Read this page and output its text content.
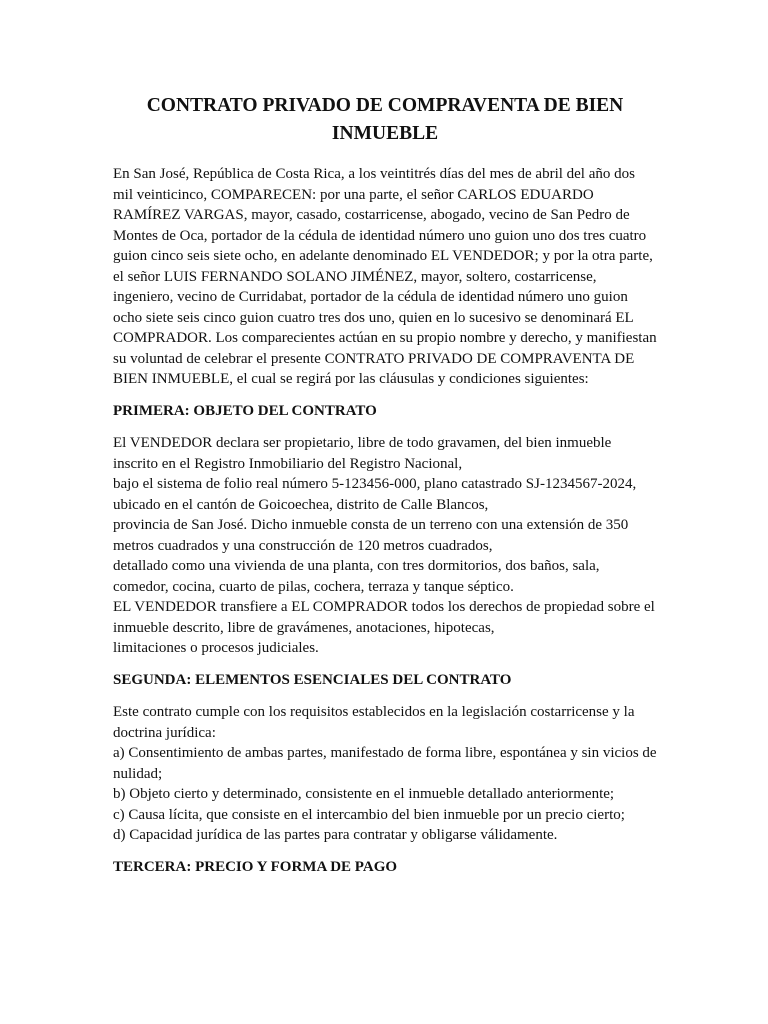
CONTRATO PRIVADO DE COMPRAVENTA DE BIEN INMUEBLE

En San José, República de Costa Rica, a los veintitrés días del mes de abril del año dos mil veinticinco, COMPARECEN: por una parte, el señor CARLOS EDUARDO RAMÍREZ VARGAS, mayor, casado, costarricense, abogado, vecino de San Pedro de Montes de Oca, portador de la cédula de identidad número uno guion uno dos tres cuatro guion cinco seis siete ocho, en adelante denominado EL VENDEDOR; y por la otra parte, el señor LUIS FERNANDO SOLANO JIMÉNEZ, mayor, soltero, costarricense, ingeniero, vecino de Curridabat, portador de la cédula de identidad número uno guion ocho siete seis cinco guion cuatro tres dos uno, quien en lo sucesivo se denominará EL COMPRADOR. Los comparecientes actúan en su propio nombre y derecho, y manifiestan su voluntad de celebrar el presente CONTRATO PRIVADO DE COMPRAVENTA DE BIEN INMUEBLE, el cual se regirá por las cláusulas y condiciones siguientes:

PRIMERA: OBJETO DEL CONTRATO

El VENDEDOR declara ser propietario, libre de todo gravamen, del bien inmueble inscrito en el Registro Inmobiliario del Registro Nacional,
bajo el sistema de folio real número 5-123456-000, plano catastrado SJ-1234567-2024, ubicado en el cantón de Goicoechea, distrito de Calle Blancos,
provincia de San José. Dicho inmueble consta de un terreno con una extensión de 350 metros cuadrados y una construcción de 120 metros cuadrados,
detallado como una vivienda de una planta, con tres dormitorios, dos baños, sala, comedor, cocina, cuarto de pilas, cochera, terraza y tanque séptico.
EL VENDEDOR transfiere a EL COMPRADOR todos los derechos de propiedad sobre el inmueble descrito, libre de gravámenes, anotaciones, hipotecas,
limitaciones o procesos judiciales.

SEGUNDA: ELEMENTOS ESENCIALES DEL CONTRATO

Este contrato cumple con los requisitos establecidos en la legislación costarricense y la doctrina jurídica:
a) Consentimiento de ambas partes, manifestado de forma libre, espontánea y sin vicios de nulidad;
b) Objeto cierto y determinado, consistente en el inmueble detallado anteriormente;
c) Causa lícita, que consiste en el intercambio del bien inmueble por un precio cierto;
d) Capacidad jurídica de las partes para contratar y obligarse válidamente.

TERCERA: PRECIO Y FORMA DE PAGO
